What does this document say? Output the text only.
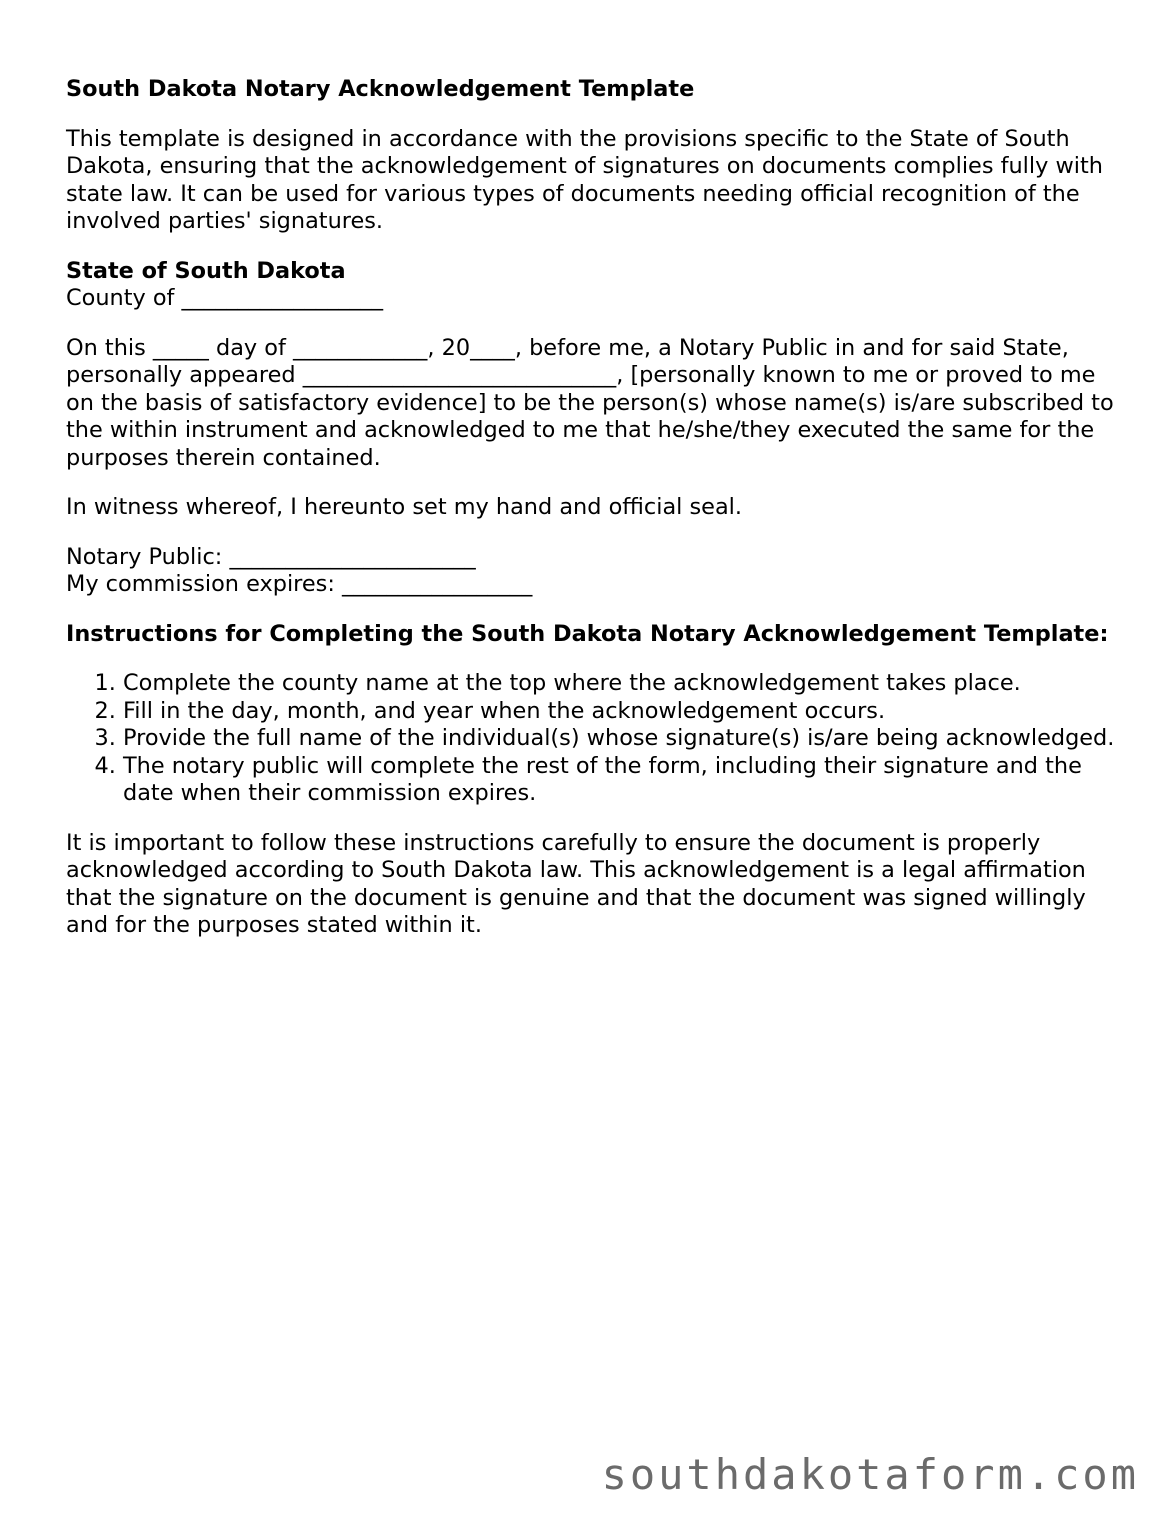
South Dakota Notary Acknowledgement Template

This template is designed in accordance with the provisions specific to the State of South Dakota, ensuring that the acknowledgement of signatures on documents complies fully with state law. It can be used for various types of documents needing official recognition of the involved parties' signatures.

State of South Dakota
County of __________________

On this _____ day of ____________, 20____, before me, a Notary Public in and for said State, personally appeared ____________________________, [personally known to me or proved to me on the basis of satisfactory evidence] to be the person(s) whose name(s) is/are subscribed to the within instrument and acknowledged to me that he/she/they executed the same for the purposes therein contained.

In witness whereof, I hereunto set my hand and official seal.

Notary Public: ______________________
My commission expires: _________________
Instructions for Completing the South Dakota Notary Acknowledgement Template:
1. Complete the county name at the top where the acknowledgement takes place.
2. Fill in the day, month, and year when the acknowledgement occurs.
3. Provide the full name of the individual(s) whose signature(s) is/are being acknowledged.
4. The notary public will complete the rest of the form, including their signature and the date when their commission expires.

It is important to follow these instructions carefully to ensure the document is properly acknowledged according to South Dakota law. This acknowledgement is a legal affirmation that the signature on the document is genuine and that the document was signed willingly and for the purposes stated within it.

southdakotaform.com
